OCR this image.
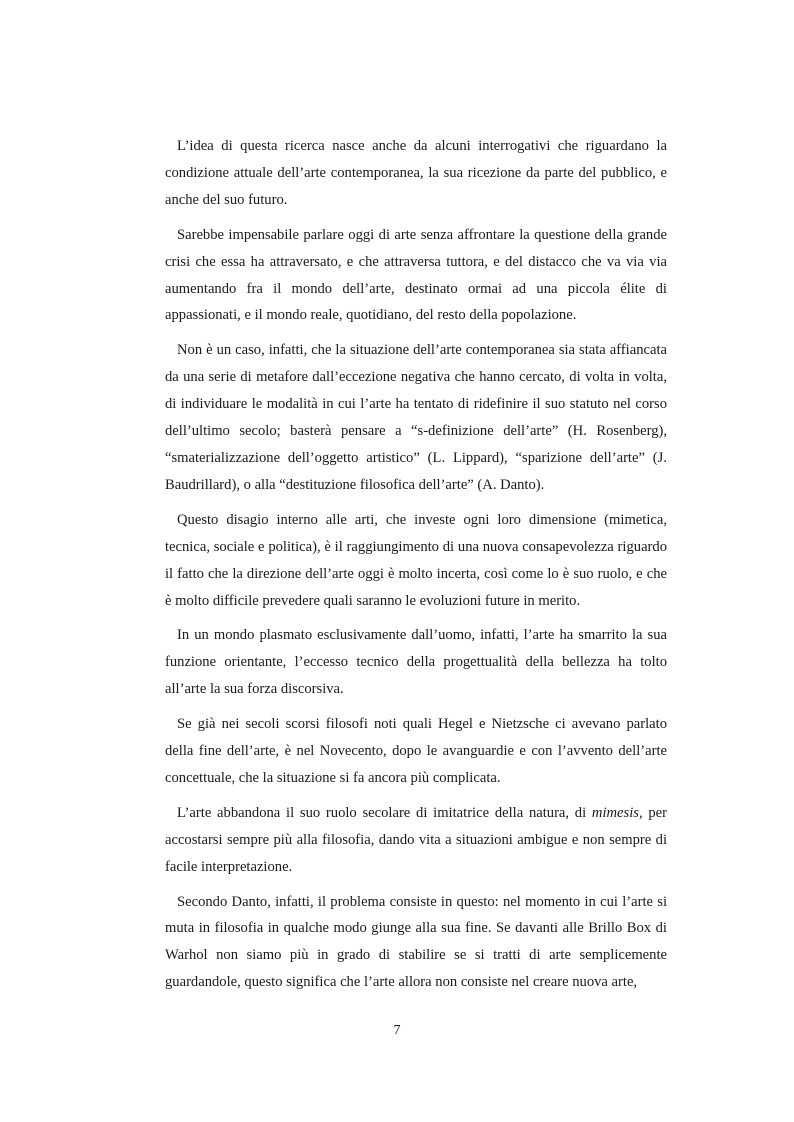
L’idea di questa ricerca nasce anche da alcuni interrogativi che riguardano la condizione attuale dell’arte contemporanea, la sua ricezione da parte del pubblico, e anche del suo futuro.

Sarebbe impensabile parlare oggi di arte senza affrontare la questione della grande crisi che essa ha attraversato, e che attraversa tuttora, e del distacco che va via via aumentando fra il mondo dell’arte, destinato ormai ad una piccola élite di appassionati, e il mondo reale, quotidiano, del resto della popolazione.

Non è un caso, infatti, che la situazione dell’arte contemporanea sia stata affiancata da una serie di metafore dall’eccezione negativa che hanno cercato, di volta in volta, di individuare le modalità in cui l’arte ha tentato di ridefinire il suo statuto nel corso dell’ultimo secolo; basterà pensare a “s-definizione dell’arte” (H. Rosenberg), “smaterializzazione dell’oggetto artistico” (L. Lippard), “sparizione dell’arte” (J. Baudrillard), o alla “destituzione filosofica dell’arte” (A. Danto).

Questo disagio interno alle arti, che investe ogni loro dimensione (mimetica, tecnica, sociale e politica), è il raggiungimento di una nuova consapevolezza riguardo il fatto che la direzione dell’arte oggi è molto incerta, così come lo è suo ruolo, e che è molto difficile prevedere quali saranno le evoluzioni future in merito.

In un mondo plasmato esclusivamente dall’uomo, infatti, l’arte ha smarrito la sua funzione orientante, l’eccesso tecnico della progettualità della bellezza ha tolto all’arte la sua forza discorsiva.

Se già nei secoli scorsi filosofi noti quali Hegel e Nietzsche ci avevano parlato della fine dell’arte, è nel Novecento, dopo le avanguardie e con l’avvento dell’arte concettuale, che la situazione si fa ancora più complicata.

L’arte abbandona il suo ruolo secolare di imitatrice della natura, di mimesis, per accostarsi sempre più alla filosofia, dando vita a situazioni ambigue e non sempre di facile interpretazione.

Secondo Danto, infatti, il problema consiste in questo: nel momento in cui l’arte si muta in filosofia in qualche modo giunge alla sua fine. Se davanti alle Brillo Box di Warhol non siamo più in grado di stabilire se si tratti di arte semplicemente guardandole, questo significa che l’arte allora non consiste nel creare nuova arte,

7
